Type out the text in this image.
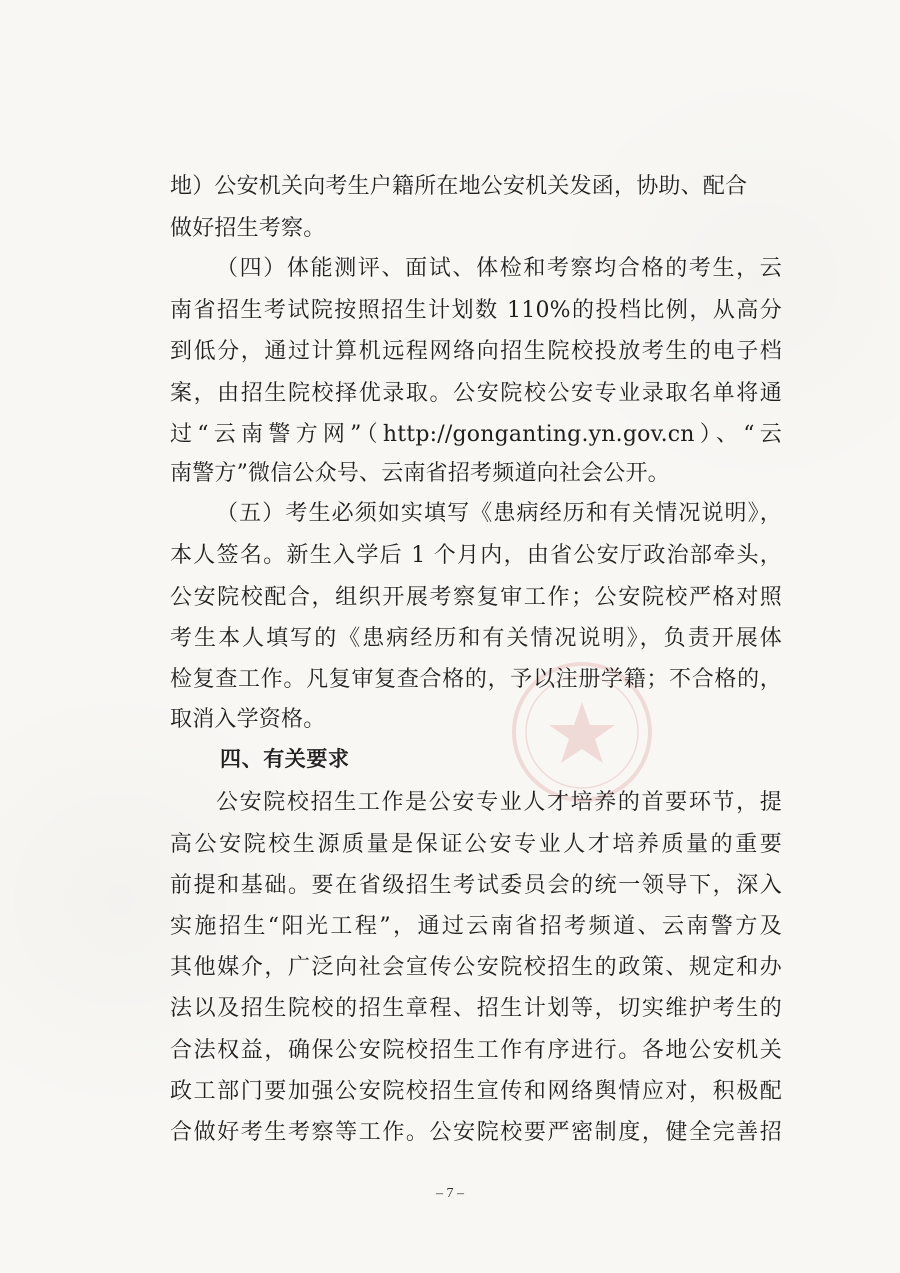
地）公安机关向考生户籍所在地公安机关发函，协助、配合
做好招生考察。
（四）体能测评、面试、体检和考察均合格的考生，云
南省招生考试院按照招生计划数 110%的投档比例，从高分
到低分，通过计算机远程网络向招生院校投放考生的电子档
案，由招生院校择优录取。公安院校公安专业录取名单将通
过“云南警方网”（http://gonganting.yn.gov.cn）、“云
南警方”微信公众号、云南省招考频道向社会公开。
（五）考生必须如实填写《患病经历和有关情况说明》，
本人签名。新生入学后 1 个月内，由省公安厅政治部牵头，
公安院校配合，组织开展考察复审工作；公安院校严格对照
考生本人填写的《患病经历和有关情况说明》，负责开展体
检复查工作。凡复审复查合格的，予以注册学籍；不合格的，
取消入学资格。
四、有关要求
公安院校招生工作是公安专业人才培养的首要环节，提
高公安院校生源质量是保证公安专业人才培养质量的重要
前提和基础。要在省级招生考试委员会的统一领导下，深入
实施招生“阳光工程”，通过云南省招考频道、云南警方及
其他媒介，广泛向社会宣传公安院校招生的政策、规定和办
法以及招生院校的招生章程、招生计划等，切实维护考生的
合法权益，确保公安院校招生工作有序进行。各地公安机关
政工部门要加强公安院校招生宣传和网络舆情应对，积极配
合做好考生考察等工作。公安院校要严密制度，健全完善招
– 7 –
